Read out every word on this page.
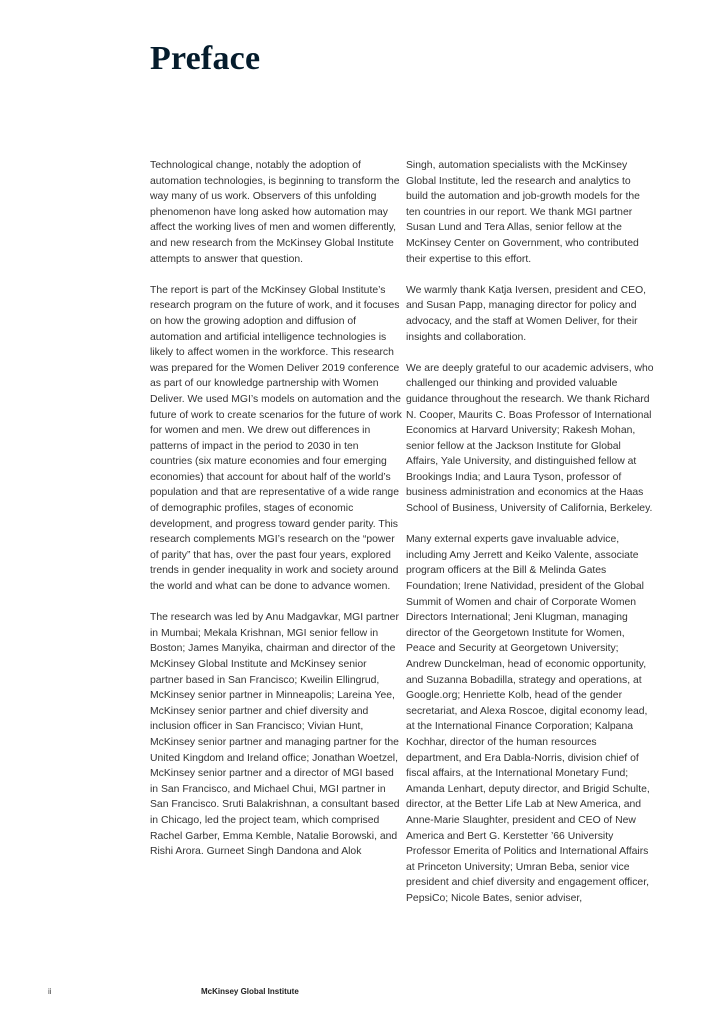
Preface

Technological change, notably the adoption of automation technologies, is beginning to transform the way many of us work. Observers of this unfolding phenomenon have long asked how automation may affect the working lives of men and women differently, and new research from the McKinsey Global Institute attempts to answer that question.

The report is part of the McKinsey Global Institute’s research program on the future of work, and it focuses on how the growing adoption and diffusion of automation and artificial intelligence technologies is likely to affect women in the workforce. This research was prepared for the Women Deliver 2019 conference as part of our knowledge partnership with Women Deliver. We used MGI’s models on automation and the future of work to create scenarios for the future of work for women and men. We drew out differences in patterns of impact in the period to 2030 in ten countries (six mature economies and four emerging economies) that account for about half of the world’s population and that are representative of a wide range of demographic profiles, stages of economic development, and progress toward gender parity. This research complements MGI’s research on the “power of parity” that has, over the past four years, explored trends in gender inequality in work and society around the world and what can be done to advance women.

The research was led by Anu Madgavkar, MGI partner in Mumbai; Mekala Krishnan, MGI senior fellow in Boston; James Manyika, chairman and director of the McKinsey Global Institute and McKinsey senior partner based in San Francisco; Kweilin Ellingrud, McKinsey senior partner in Minneapolis; Lareina Yee, McKinsey senior partner and chief diversity and inclusion officer in San Francisco; Vivian Hunt, McKinsey senior partner and managing partner for the United Kingdom and Ireland office; Jonathan Woetzel, McKinsey senior partner and a director of MGI based in San Francisco, and Michael Chui, MGI partner in San Francisco. Sruti Balakrishnan, a consultant based in Chicago, led the project team, which comprised Rachel Garber, Emma Kemble, Natalie Borowski, and Rishi Arora. Gurneet Singh Dandona and Alok

Singh, automation specialists with the McKinsey Global Institute, led the research and analytics to build the automation and job-growth models for the ten countries in our report. We thank MGI partner Susan Lund and Tera Allas, senior fellow at the McKinsey Center on Government, who contributed their expertise to this effort.

We warmly thank Katja Iversen, president and CEO, and Susan Papp, managing director for policy and advocacy, and the staff at Women Deliver, for their insights and collaboration.

We are deeply grateful to our academic advisers, who challenged our thinking and provided valuable guidance throughout the research. We thank Richard N. Cooper, Maurits C. Boas Professor of International Economics at Harvard University; Rakesh Mohan, senior fellow at the Jackson Institute for Global Affairs, Yale University, and distinguished fellow at Brookings India; and Laura Tyson, professor of business administration and economics at the Haas School of Business, University of California, Berkeley.

Many external experts gave invaluable advice, including Amy Jerrett and Keiko Valente, associate program officers at the Bill & Melinda Gates Foundation; Irene Natividad, president of the Global Summit of Women and chair of Corporate Women Directors International; Jeni Klugman, managing director of the Georgetown Institute for Women, Peace and Security at Georgetown University; Andrew Dunckelman, head of economic opportunity, and Suzanna Bobadilla, strategy and operations, at Google.org; Henriette Kolb, head of the gender secretariat, and Alexa Roscoe, digital economy lead, at the International Finance Corporation; Kalpana Kochhar, director of the human resources department, and Era Dabla-Norris, division chief of fiscal affairs, at the International Monetary Fund; Amanda Lenhart, deputy director, and Brigid Schulte, director, at the Better Life Lab at New America, and Anne-Marie Slaughter, president and CEO of New America and Bert G. Kerstetter ’66 University Professor Emerita of Politics and International Affairs at Princeton University; Umran Beba, senior vice president and chief diversity and engagement officer, PepsiCo; Nicole Bates, senior adviser,

ii	McKinsey Global Institute
